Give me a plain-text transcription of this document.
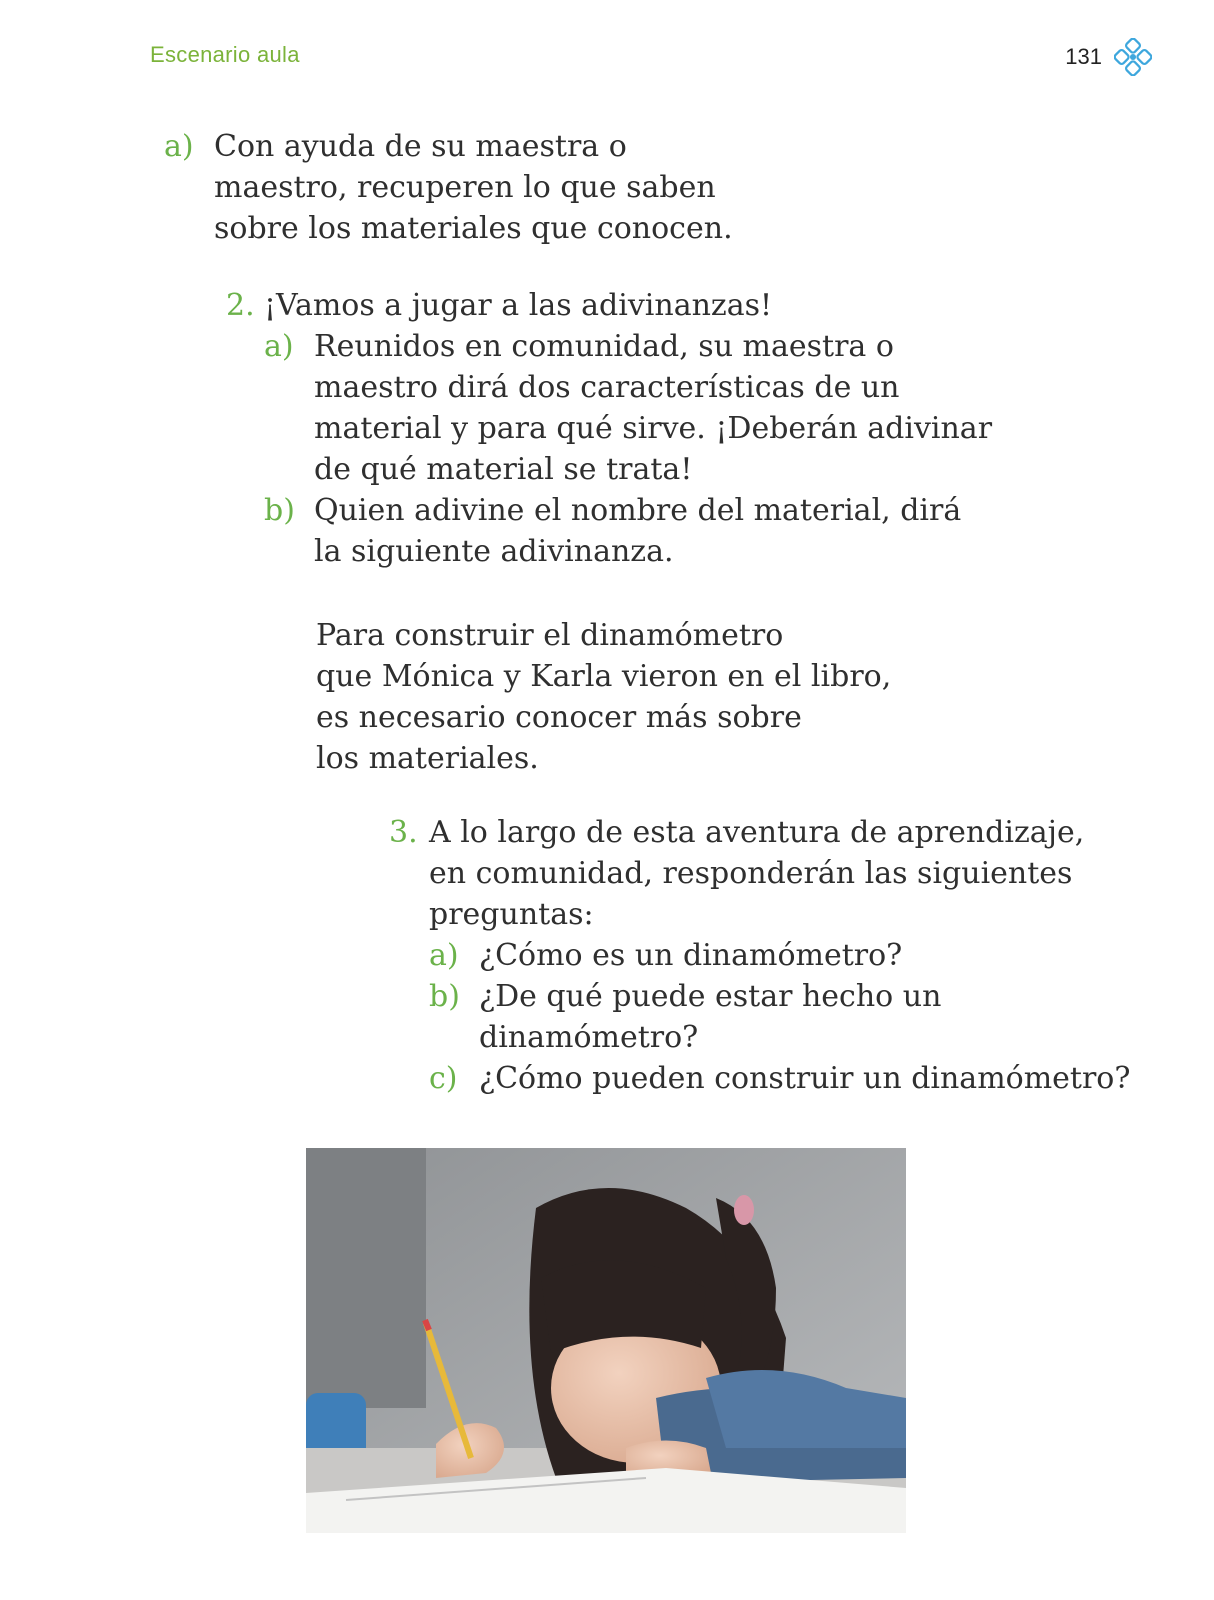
Escenario aula	131
a) Con ayuda de su maestra o
maestro, recuperen lo que saben
sobre los materiales que conocen.
2. ¡Vamos a jugar a las adivinanzas!
a) Reunidos en comunidad, su maestra o
maestro dirá dos características de un
material y para qué sirve. ¡Deberán adivinar
de qué material se trata!
b) Quien adivine el nombre del material, dirá
la siguiente adivinanza.
Para construir el dinamómetro
que Mónica y Karla vieron en el libro,
es necesario conocer más sobre
los materiales.
3. A lo largo de esta aventura de aprendizaje,
en comunidad, responderán las siguientes
preguntas:
a) ¿Cómo es un dinamómetro?
b) ¿De qué puede estar hecho un
dinamómetro?
c) ¿Cómo pueden construir un dinamómetro?
